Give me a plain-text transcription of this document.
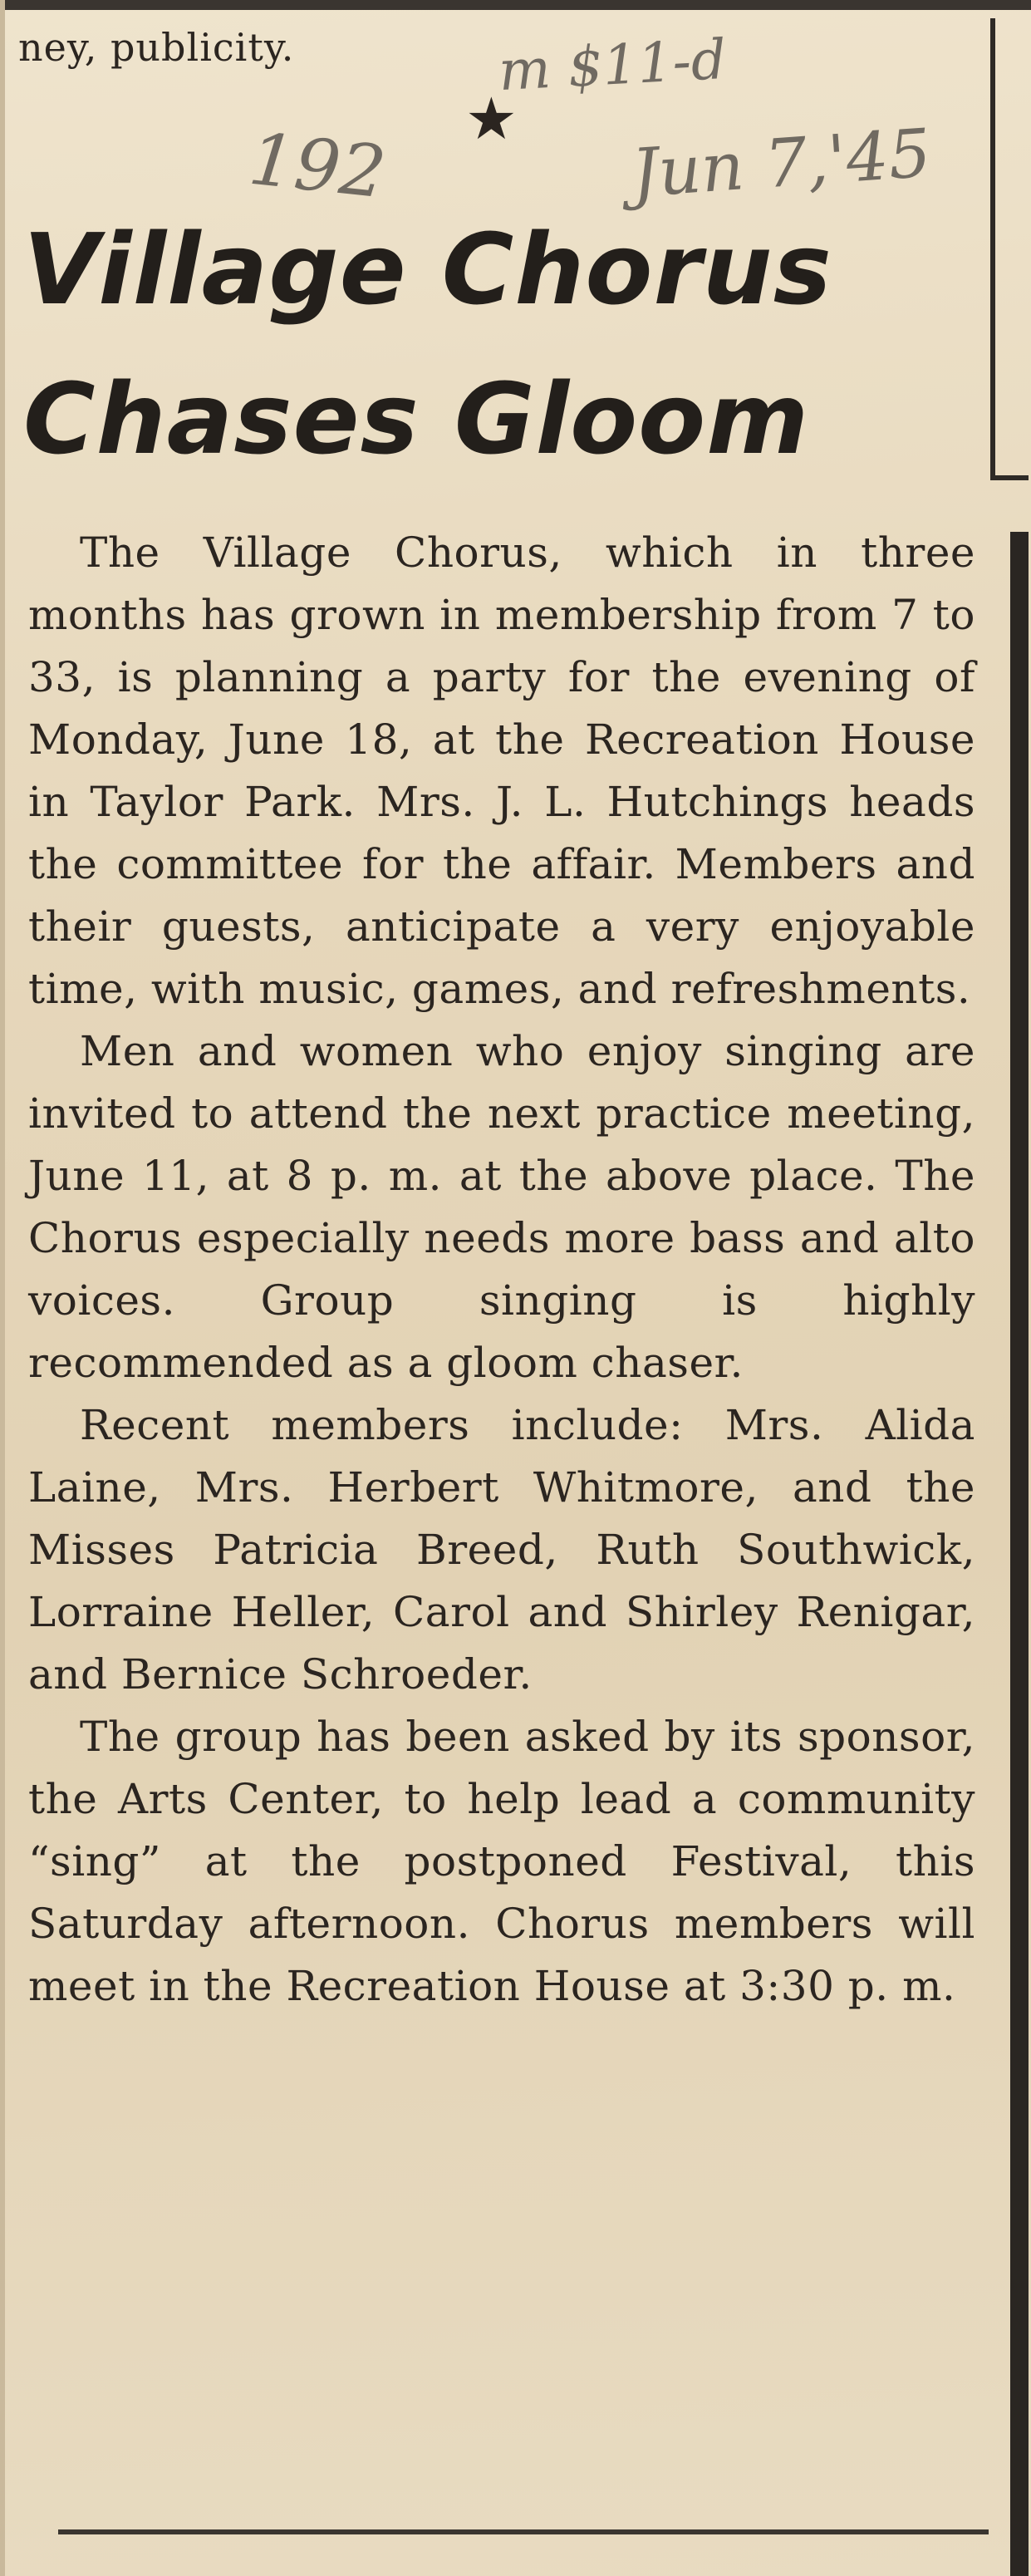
ney, publicity.
★
m $11-d
192	Jun 7,'45
Village Chorus
Chases Gloom

The Village Chorus, which in three months has grown in membership from 7 to 33, is planning a party for the evening of Monday, June 18, at the Recreation House in Taylor Park. Mrs. J. L. Hutchings heads the committee for the affair. Members and their guests, anticipate a very enjoyable time, with music, games, and refreshments.

Men and women who enjoy singing are invited to attend the next practice meeting, June 11, at 8 p. m. at the above place. The Chorus especially needs more bass and alto voices. Group singing is highly recommended as a gloom chaser.

Recent members include: Mrs. Alida Laine, Mrs. Herbert Whitmore, and the Misses Patricia Breed, Ruth Southwick, Lorraine Heller, Carol and Shirley Renigar, and Bernice Schroeder.

The group has been asked by its sponsor, the Arts Center, to help lead a community “sing” at the postponed Festival, this Saturday afternoon. Chorus members will meet in the Recreation House at 3:30 p. m.
